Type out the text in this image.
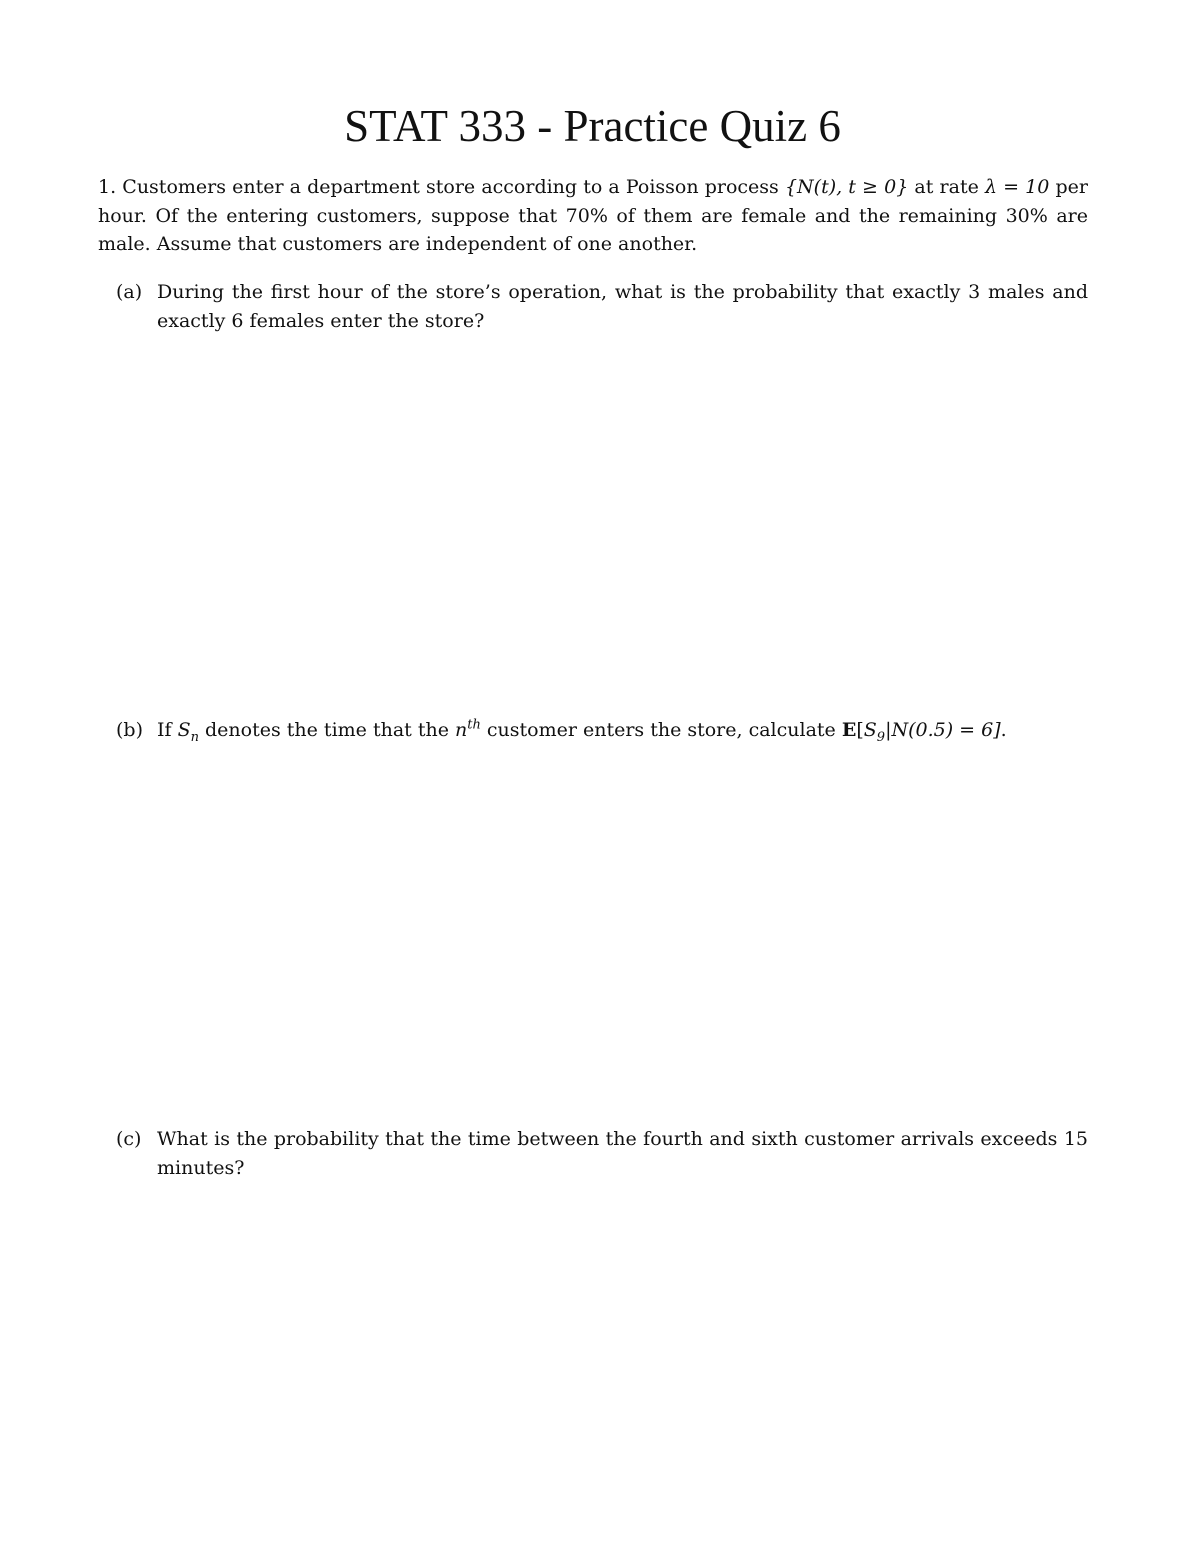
STAT 333 - Practice Quiz 6

1. Customers enter a department store according to a Poisson process {N(t), t ≥ 0} at rate λ = 10 per hour. Of the entering customers, suppose that 70% of them are female and the remaining 30% are male. Assume that customers are independent of one another.

(a) During the first hour of the store’s operation, what is the probability that exactly 3 males and exactly 6 females enter the store?

(b) If $S_n$ denotes the time that the $n^{th}$ customer enters the store, calculate $E[S_9|N(0.5) = 6]$.

(c) What is the probability that the time between the fourth and sixth customer arrivals exceeds 15 minutes?
